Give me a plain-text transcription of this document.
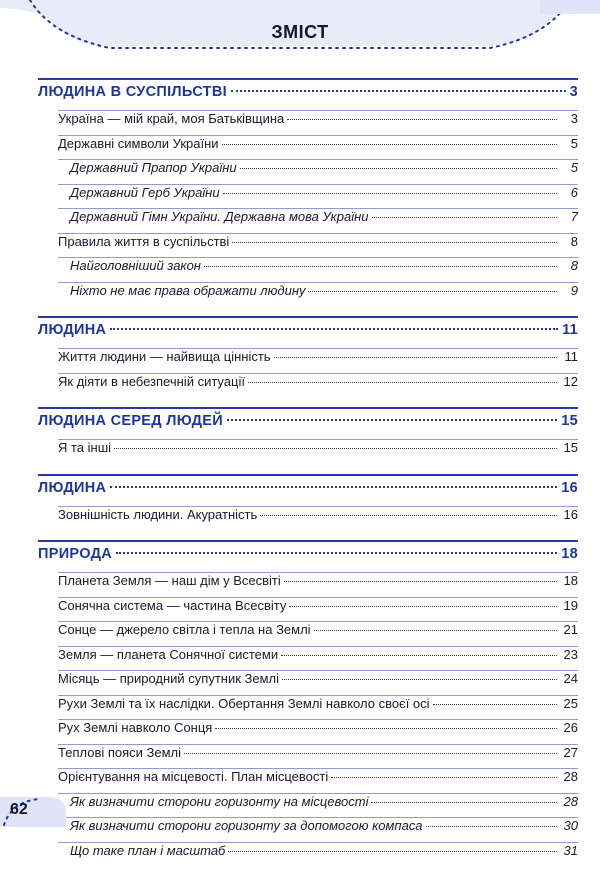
ЗМІСТ
ЛЮДИНА В СУСПІЛЬСТВІ	3
Україна — мій край, моя Батьківщина	3
Державні символи України	5
Державний Прапор України	5
Державний Герб України	6
Державний Гімн України. Державна мова України	7
Правила життя в суспільстві	8
Найголовніший закон	8
Ніхто не має права ображати людину	9
ЛЮДИНА	11
Життя людини — найвища цінність	11
Як діяти в небезпечній ситуації	12
ЛЮДИНА СЕРЕД ЛЮДЕЙ	15
Я та інші	15
ЛЮДИНА	16
Зовнішність людини. Акуратність	16
ПРИРОДА	18
Планета Земля — наш дім у Всесвіті	18
Сонячна система — частина Всесвіту	19
Сонце — джерело світла і тепла на Землі	21
Земля — планета Сонячної системи	23
Місяць — природний супутник Землі	24
Рухи Землі та їх наслідки. Обертання Землі навколо своєї осі	25
Рух Землі навколо Сонця	26
Теплові пояси Землі	27
Орієнтування на місцевості. План місцевості	28
Як визначити сторони горизонту на місцевості	28
Як визначити сторони горизонту за допомогою компаса	30
Що таке план і масштаб	31
62
